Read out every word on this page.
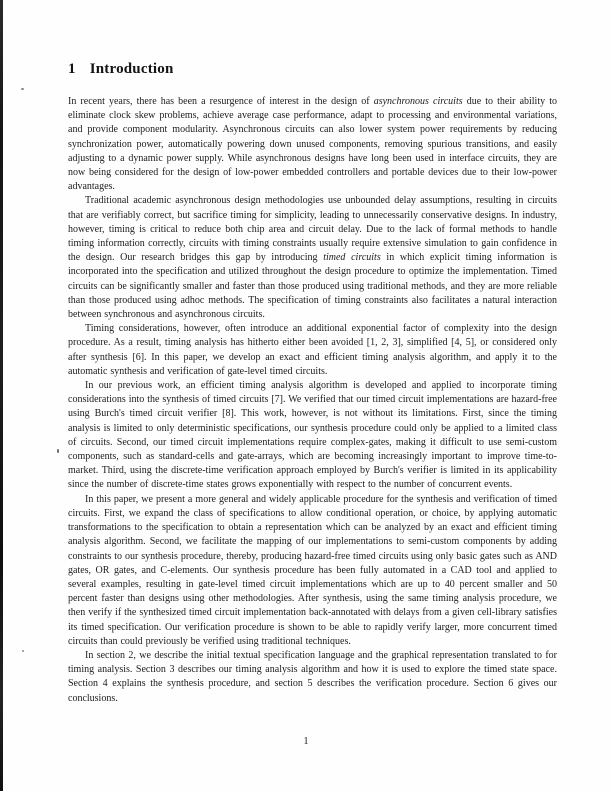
1 Introduction

In recent years, there has been a resurgence of interest in the design of asynchronous circuits due to their ability to eliminate clock skew problems, achieve average case performance, adapt to processing and environmental variations, and provide component modularity. Asynchronous circuits can also lower system power requirements by reducing synchronization power, automatically powering down unused components, removing spurious transitions, and easily adjusting to a dynamic power supply. While asynchronous designs have long been used in interface circuits, they are now being considered for the design of low-power embedded controllers and portable devices due to their low-power advantages.

Traditional academic asynchronous design methodologies use unbounded delay assumptions, resulting in circuits that are verifiably correct, but sacrifice timing for simplicity, leading to unnecessarily conservative designs. In industry, however, timing is critical to reduce both chip area and circuit delay. Due to the lack of formal methods to handle timing information correctly, circuits with timing constraints usually require extensive simulation to gain confidence in the design. Our research bridges this gap by introducing timed circuits in which explicit timing information is incorporated into the specification and utilized throughout the design procedure to optimize the implementation. Timed circuits can be significantly smaller and faster than those produced using traditional methods, and they are more reliable than those produced using adhoc methods. The specification of timing constraints also facilitates a natural interaction between synchronous and asynchronous circuits.

Timing considerations, however, often introduce an additional exponential factor of complexity into the design procedure. As a result, timing analysis has hitherto either been avoided [1, 2, 3], simplified [4, 5], or considered only after synthesis [6]. In this paper, we develop an exact and efficient timing analysis algorithm, and apply it to the automatic synthesis and verification of gate-level timed circuits.

In our previous work, an efficient timing analysis algorithm is developed and applied to incorporate timing considerations into the synthesis of timed circuits [7]. We verified that our timed circuit implementations are hazard-free using Burch's timed circuit verifier [8]. This work, however, is not without its limitations. First, since the timing analysis is limited to only deterministic specifications, our synthesis procedure could only be applied to a limited class of circuits. Second, our timed circuit implementations require complex-gates, making it difficult to use semi-custom components, such as standard-cells and gate-arrays, which are becoming increasingly important to improve time-to-market. Third, using the discrete-time verification approach employed by Burch's verifier is limited in its applicability since the number of discrete-time states grows exponentially with respect to the number of concurrent events.

In this paper, we present a more general and widely applicable procedure for the synthesis and verification of timed circuits. First, we expand the class of specifications to allow conditional operation, or choice, by applying automatic transformations to the specification to obtain a representation which can be analyzed by an exact and efficient timing analysis algorithm. Second, we facilitate the mapping of our implementations to semi-custom components by adding constraints to our synthesis procedure, thereby, producing hazard-free timed circuits using only basic gates such as AND gates, OR gates, and C-elements. Our synthesis procedure has been fully automated in a CAD tool and applied to several examples, resulting in gate-level timed circuit implementations which are up to 40 percent smaller and 50 percent faster than designs using other methodologies. After synthesis, using the same timing analysis procedure, we then verify if the synthesized timed circuit implementation back-annotated with delays from a given cell-library satisfies its timed specification. Our verification procedure is shown to be able to rapidly verify larger, more concurrent timed circuits than could previously be verified using traditional techniques.

In section 2, we describe the initial textual specification language and the graphical representation translated to for timing analysis. Section 3 describes our timing analysis algorithm and how it is used to explore the timed state space. Section 4 explains the synthesis procedure, and section 5 describes the verification procedure. Section 6 gives our conclusions.

1
